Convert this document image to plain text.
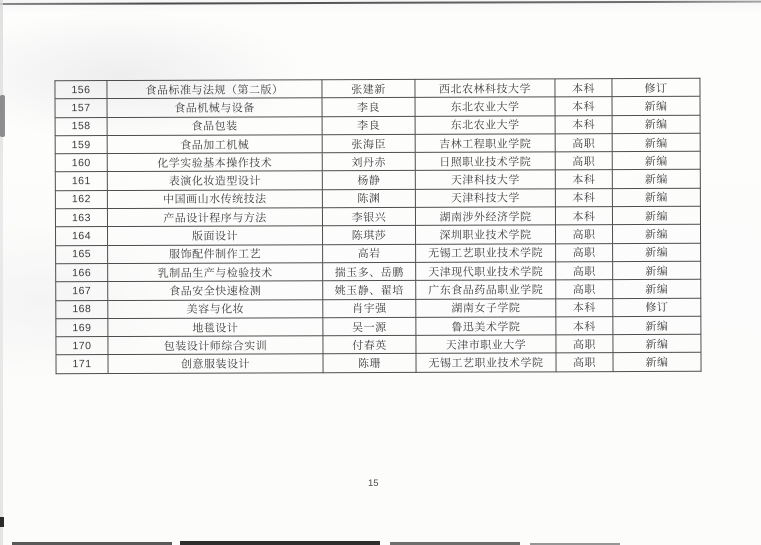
156	食品标准与法规（第二版）	张建新	西北农林科技大学	本科	修订
157	食品机械与设备	李良	东北农业大学	本科	新编
158	食品包装	李良	东北农业大学	本科	新编
159	食品加工机械	张海臣	吉林工程职业学院	高职	新编
160	化学实验基本操作技术	刘丹赤	日照职业技术学院	高职	新编
161	表演化妆造型设计	杨静	天津科技大学	本科	新编
162	中国画山水传统技法	陈渊	天津科技大学	本科	新编
163	产品设计程序与方法	李银兴	湖南涉外经济学院	本科	新编
164	版面设计	陈琪莎	深圳职业技术学院	高职	新编
165	服饰配件制作工艺	高岩	无锡工艺职业技术学院	高职	新编
166	乳制品生产与检验技术	揣玉多、岳鹏	天津现代职业技术学院	高职	新编
167	食品安全快速检测	姚玉静、翟培	广东食品药品职业学院	高职	新编
168	美容与化妆	肖宇强	湖南女子学院	本科	修订
169	地毯设计	吴一源	鲁迅美术学院	本科	新编
170	包装设计师综合实训	付春英	天津市职业大学	高职	新编
171	创意服装设计	陈珊	无锡工艺职业技术学院	高职	新编
15
